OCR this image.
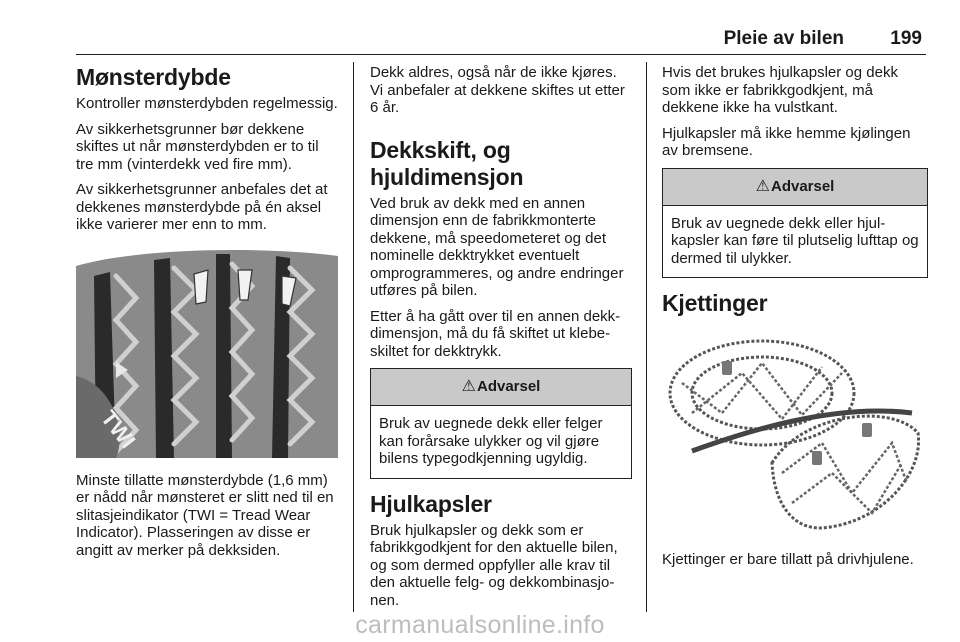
Pleie av bilen 199
Mønsterdybde

Kontroller mønsterdybden regelmessig.

Av sikkerhetsgrunner bør dekkene skiftes ut når mønsterdybden er to til tre mm (vinterdekk ved fire mm).

Av sikkerhetsgrunner anbefales det at dekkenes mønsterdybde på én aksel ikke varierer mer enn to mm.

TWI

Minste tillatte mønsterdybde (1,6 mm) er nådd når mønsteret er slitt ned til en slitasjeindikator (TWI = Tread Wear Indicator). Plasseringen av disse er angitt av merker på dekksiden.

Dekk aldres, også når de ikke kjøres. Vi anbefaler at dekkene skiftes ut etter 6 år.

Dekkskift, og hjuldimensjon

Ved bruk av dekk med en annen dimensjon enn de fabrikkmonterte dekkene, må speedometeret og det nominelle dekktrykket eventuelt omprogrammeres, og andre endringer utføres på bilen.

Etter å ha gått over til en annen dekkdimensjon, må du få skiftet ut klebeskiltet for dekktrykk.

⚠Advarsel

Bruk av uegnede dekk eller felger kan forårsake ulykker og vil gjøre bilens typegodkjenning ugyldig.

Hjulkapsler

Bruk hjulkapsler og dekk som er fabrikkgodkjent for den aktuelle bilen, og som dermed oppfyller alle krav til den aktuelle felg- og dekkombinasjonen.

Hvis det brukes hjulkapsler og dekk som ikke er fabrikkgodkjent, må dekkene ikke ha vulstkant.

Hjulkapsler må ikke hemme kjølingen av bremsene.

⚠Advarsel

Bruk av uegnede dekk eller hjulkapsler kan føre til plutselig lufttap og dermed til ulykker.

Kjettinger

Kjettinger er bare tillatt på drivhjulene.

carmanualsonline.info
